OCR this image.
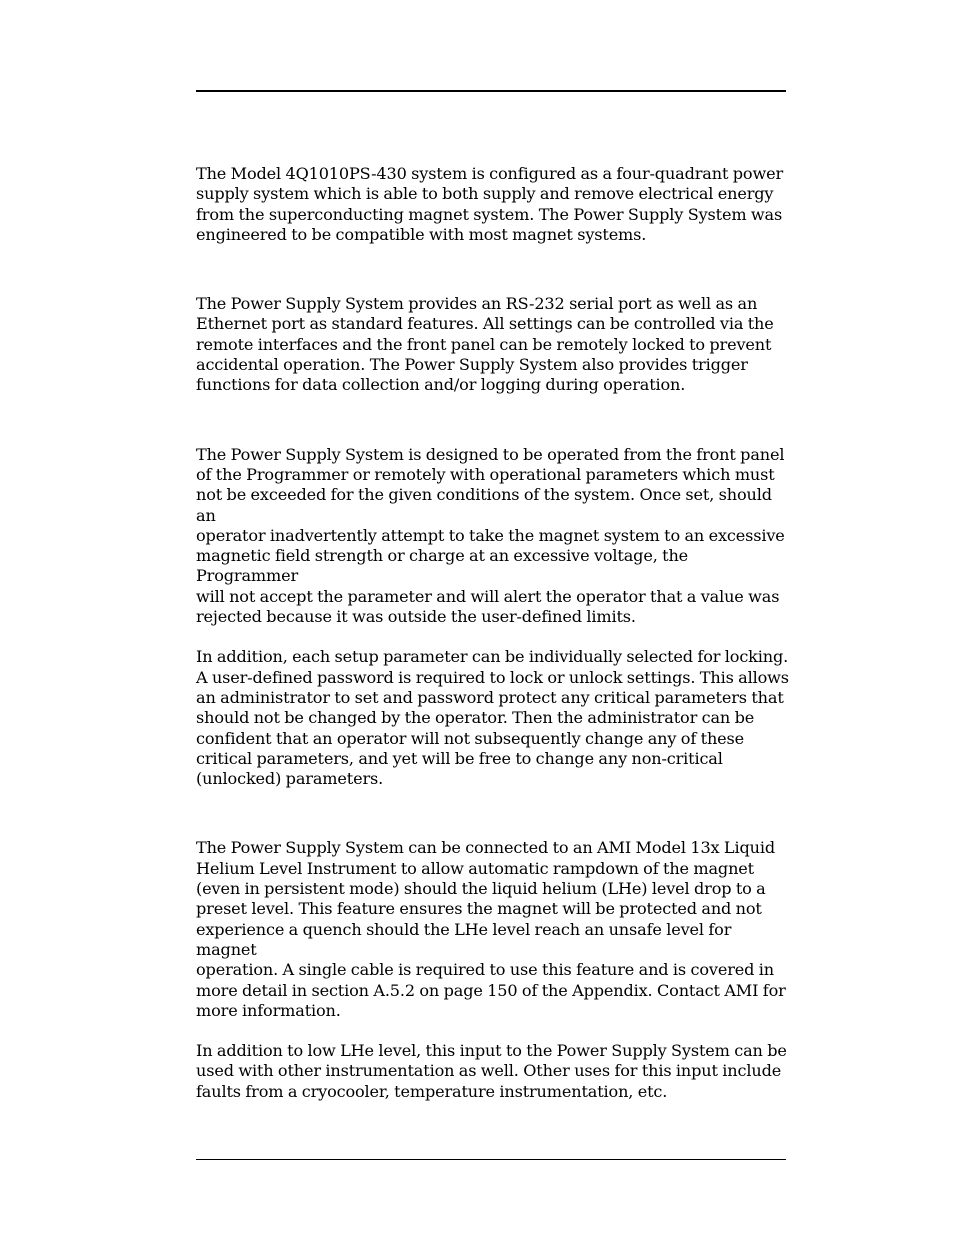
The Model 4Q1010PS-430 system is configured as a four-quadrant power
supply system which is able to both supply and remove electrical energy
from the superconducting magnet system. The Power Supply System was
engineered to be compatible with most magnet systems.

The Power Supply System provides an RS-232 serial port as well as an
Ethernet port as standard features. All settings can be controlled via the
remote interfaces and the front panel can be remotely locked to prevent
accidental operation. The Power Supply System also provides trigger
functions for data collection and/or logging during operation.

The Power Supply System is designed to be operated from the front panel
of the Programmer or remotely with operational parameters which must
not be exceeded for the given conditions of the system. Once set, should an
operator inadvertently attempt to take the magnet system to an excessive
magnetic field strength or charge at an excessive voltage, the Programmer
will not accept the parameter and will alert the operator that a value was
rejected because it was outside the user-defined limits.

In addition, each setup parameter can be individually selected for locking.
A user-defined password is required to lock or unlock settings. This allows
an administrator to set and password protect any critical parameters that
should not be changed by the operator. Then the administrator can be
confident that an operator will not subsequently change any of these
critical parameters, and yet will be free to change any non-critical
(unlocked) parameters.

The Power Supply System can be connected to an AMI Model 13x Liquid
Helium Level Instrument to allow automatic rampdown of the magnet
(even in persistent mode) should the liquid helium (LHe) level drop to a
preset level. This feature ensures the magnet will be protected and not
experience a quench should the LHe level reach an unsafe level for magnet
operation. A single cable is required to use this feature and is covered in
more detail in section A.5.2 on page 150 of the Appendix. Contact AMI for
more information.

In addition to low LHe level, this input to the Power Supply System can be
used with other instrumentation as well. Other uses for this input include
faults from a cryocooler, temperature instrumentation, etc.
